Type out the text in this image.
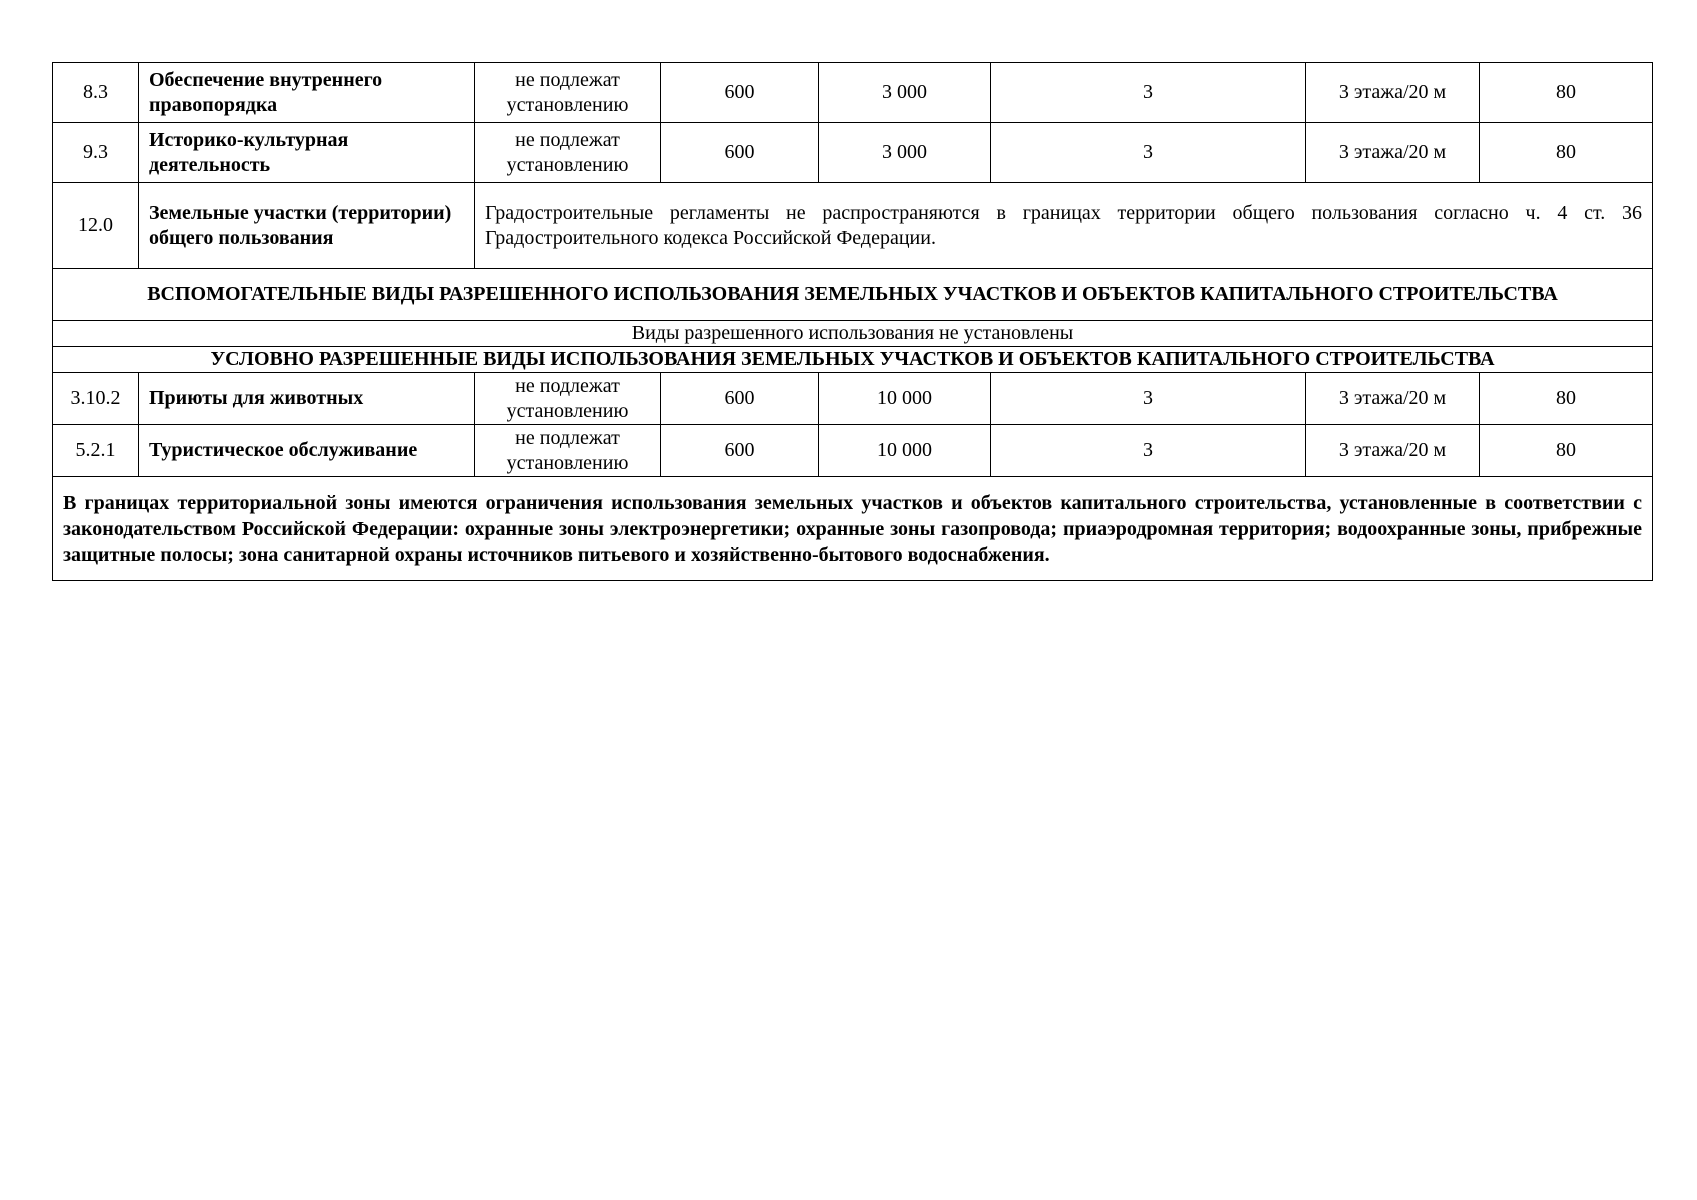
8.3	Обеспечение внутреннего правопорядка	не подлежат установлению	600	3 000	3	3 этажа/20 м	80
9.3	Историко-культурная деятельность	не подлежат установлению	600	3 000	3	3 этажа/20 м	80
12.0	Земельные участки (территории) общего пользования	Градостроительные регламенты не распространяются в границах территории общего пользования согласно ч. 4 ст. 36 Градостроительного кодекса Российской Федерации.					
ВСПОМОГАТЕЛЬНЫЕ ВИДЫ РАЗРЕШЕННОГО ИСПОЛЬЗОВАНИЯ ЗЕМЕЛЬНЫХ УЧАСТКОВ И ОБЪЕКТОВ КАПИТАЛЬНОГО СТРОИТЕЛЬСТВА							
Виды разрешенного использования не установлены							
УСЛОВНО РАЗРЕШЕННЫЕ ВИДЫ ИСПОЛЬЗОВАНИЯ ЗЕМЕЛЬНЫХ УЧАСТКОВ И ОБЪЕКТОВ КАПИТАЛЬНОГО СТРОИТЕЛЬСТВА							
3.10.2	Приюты для животных	не подлежат установлению	600	10 000	3	3 этажа/20 м	80
5.2.1	Туристическое обслуживание	не подлежат установлению	600	10 000	3	3 этажа/20 м	80
В границах территориальной зоны имеются ограничения использования земельных участков и объектов капитального строительства, установленные в соответствии с законодательством Российской Федерации: охранные зоны электроэнергетики; охранные зоны газопровода; приаэродромная территория; водоохранные зоны, прибрежные защитные полосы; зона санитарной охраны источников питьевого и хозяйственно-бытового водоснабжения.							
